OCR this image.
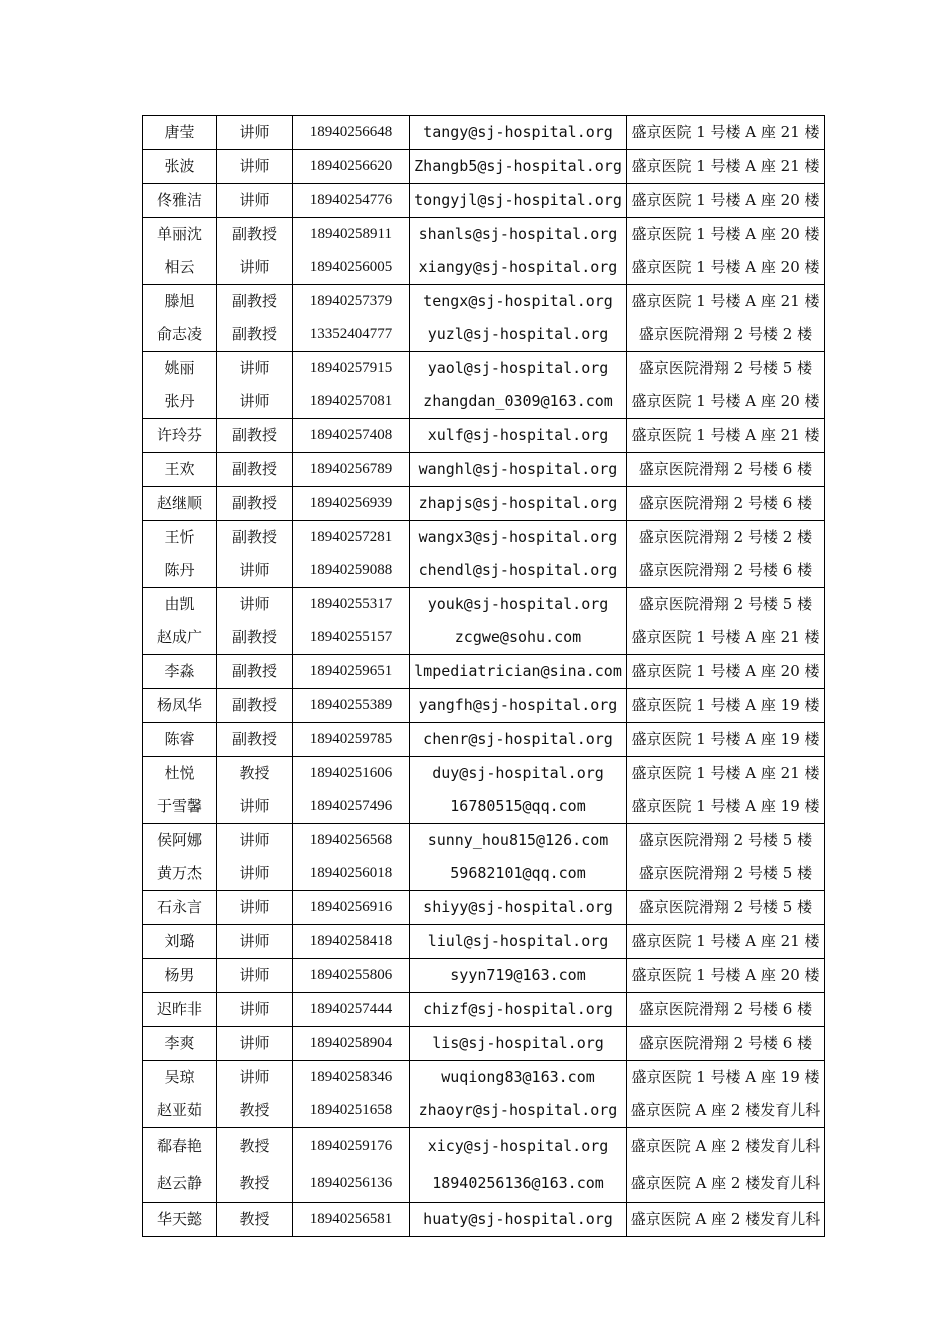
唐莹	讲师	18940256648	tangy@sj-hospital.org	盛京医院 1 号楼 A 座 21 楼
张波	讲师	18940256620	Zhangb5@sj-hospital.org	盛京医院 1 号楼 A 座 21 楼
佟雅洁	讲师	18940254776	tongyjl@sj-hospital.org	盛京医院 1 号楼 A 座 20 楼
单丽沈	副教授	18940258911	shanls@sj-hospital.org	盛京医院 1 号楼 A 座 20 楼
相云	讲师	18940256005	xiangy@sj-hospital.org	盛京医院 1 号楼 A 座 20 楼
滕旭	副教授	18940257379	tengx@sj-hospital.org	盛京医院 1 号楼 A 座 21 楼
俞志凌	副教授	13352404777	yuzl@sj-hospital.org	盛京医院滑翔 2 号楼 2 楼
姚丽	讲师	18940257915	yaol@sj-hospital.org	盛京医院滑翔 2 号楼 5 楼
张丹	讲师	18940257081	zhangdan_0309@163.com	盛京医院 1 号楼 A 座 20 楼
许玲芬	副教授	18940257408	xulf@sj-hospital.org	盛京医院 1 号楼 A 座 21 楼
王欢	副教授	18940256789	wanghl@sj-hospital.org	盛京医院滑翔 2 号楼 6 楼
赵继顺	副教授	18940256939	zhapjs@sj-hospital.org	盛京医院滑翔 2 号楼 6 楼
王忻	副教授	18940257281	wangx3@sj-hospital.org	盛京医院滑翔 2 号楼 2 楼
陈丹	讲师	18940259088	chendl@sj-hospital.org	盛京医院滑翔 2 号楼 6 楼
由凯	讲师	18940255317	youk@sj-hospital.org	盛京医院滑翔 2 号楼 5 楼
赵成广	副教授	18940255157	zcgwe@sohu.com	盛京医院 1 号楼 A 座 21 楼
李淼	副教授	18940259651	lmpediatrician@sina.com	盛京医院 1 号楼 A 座 20 楼
杨凤华	副教授	18940255389	yangfh@sj-hospital.org	盛京医院 1 号楼 A 座 19 楼
陈睿	副教授	18940259785	chenr@sj-hospital.org	盛京医院 1 号楼 A 座 19 楼
杜悦	教授	18940251606	duy@sj-hospital.org	盛京医院 1 号楼 A 座 21 楼
于雪馨	讲师	18940257496	16780515@qq.com	盛京医院 1 号楼 A 座 19 楼
侯阿娜	讲师	18940256568	sunny_hou815@126.com	盛京医院滑翔 2 号楼 5 楼
黄万杰	讲师	18940256018	59682101@qq.com	盛京医院滑翔 2 号楼 5 楼
石永言	讲师	18940256916	shiyy@sj-hospital.org	盛京医院滑翔 2 号楼 5 楼
刘璐	讲师	18940258418	liul@sj-hospital.org	盛京医院 1 号楼 A 座 21 楼
杨男	讲师	18940255806	syyn719@163.com	盛京医院 1 号楼 A 座 20 楼
迟昨非	讲师	18940257444	chizf@sj-hospital.org	盛京医院滑翔 2 号楼 6 楼
李爽	讲师	18940258904	lis@sj-hospital.org	盛京医院滑翔 2 号楼 6 楼
吴琼	讲师	18940258346	wuqiong83@163.com	盛京医院 1 号楼 A 座 19 楼
赵亚茹	教授	18940251658	zhaoyr@sj-hospital.org	盛京医院 A 座 2 楼发育儿科
郗春艳	教授	18940259176	xicy@sj-hospital.org	盛京医院 A 座 2 楼发育儿科
赵云静	教授	18940256136	18940256136@163.com	盛京医院 A 座 2 楼发育儿科
华天懿	教授	18940256581	huaty@sj-hospital.org	盛京医院 A 座 2 楼发育儿科
